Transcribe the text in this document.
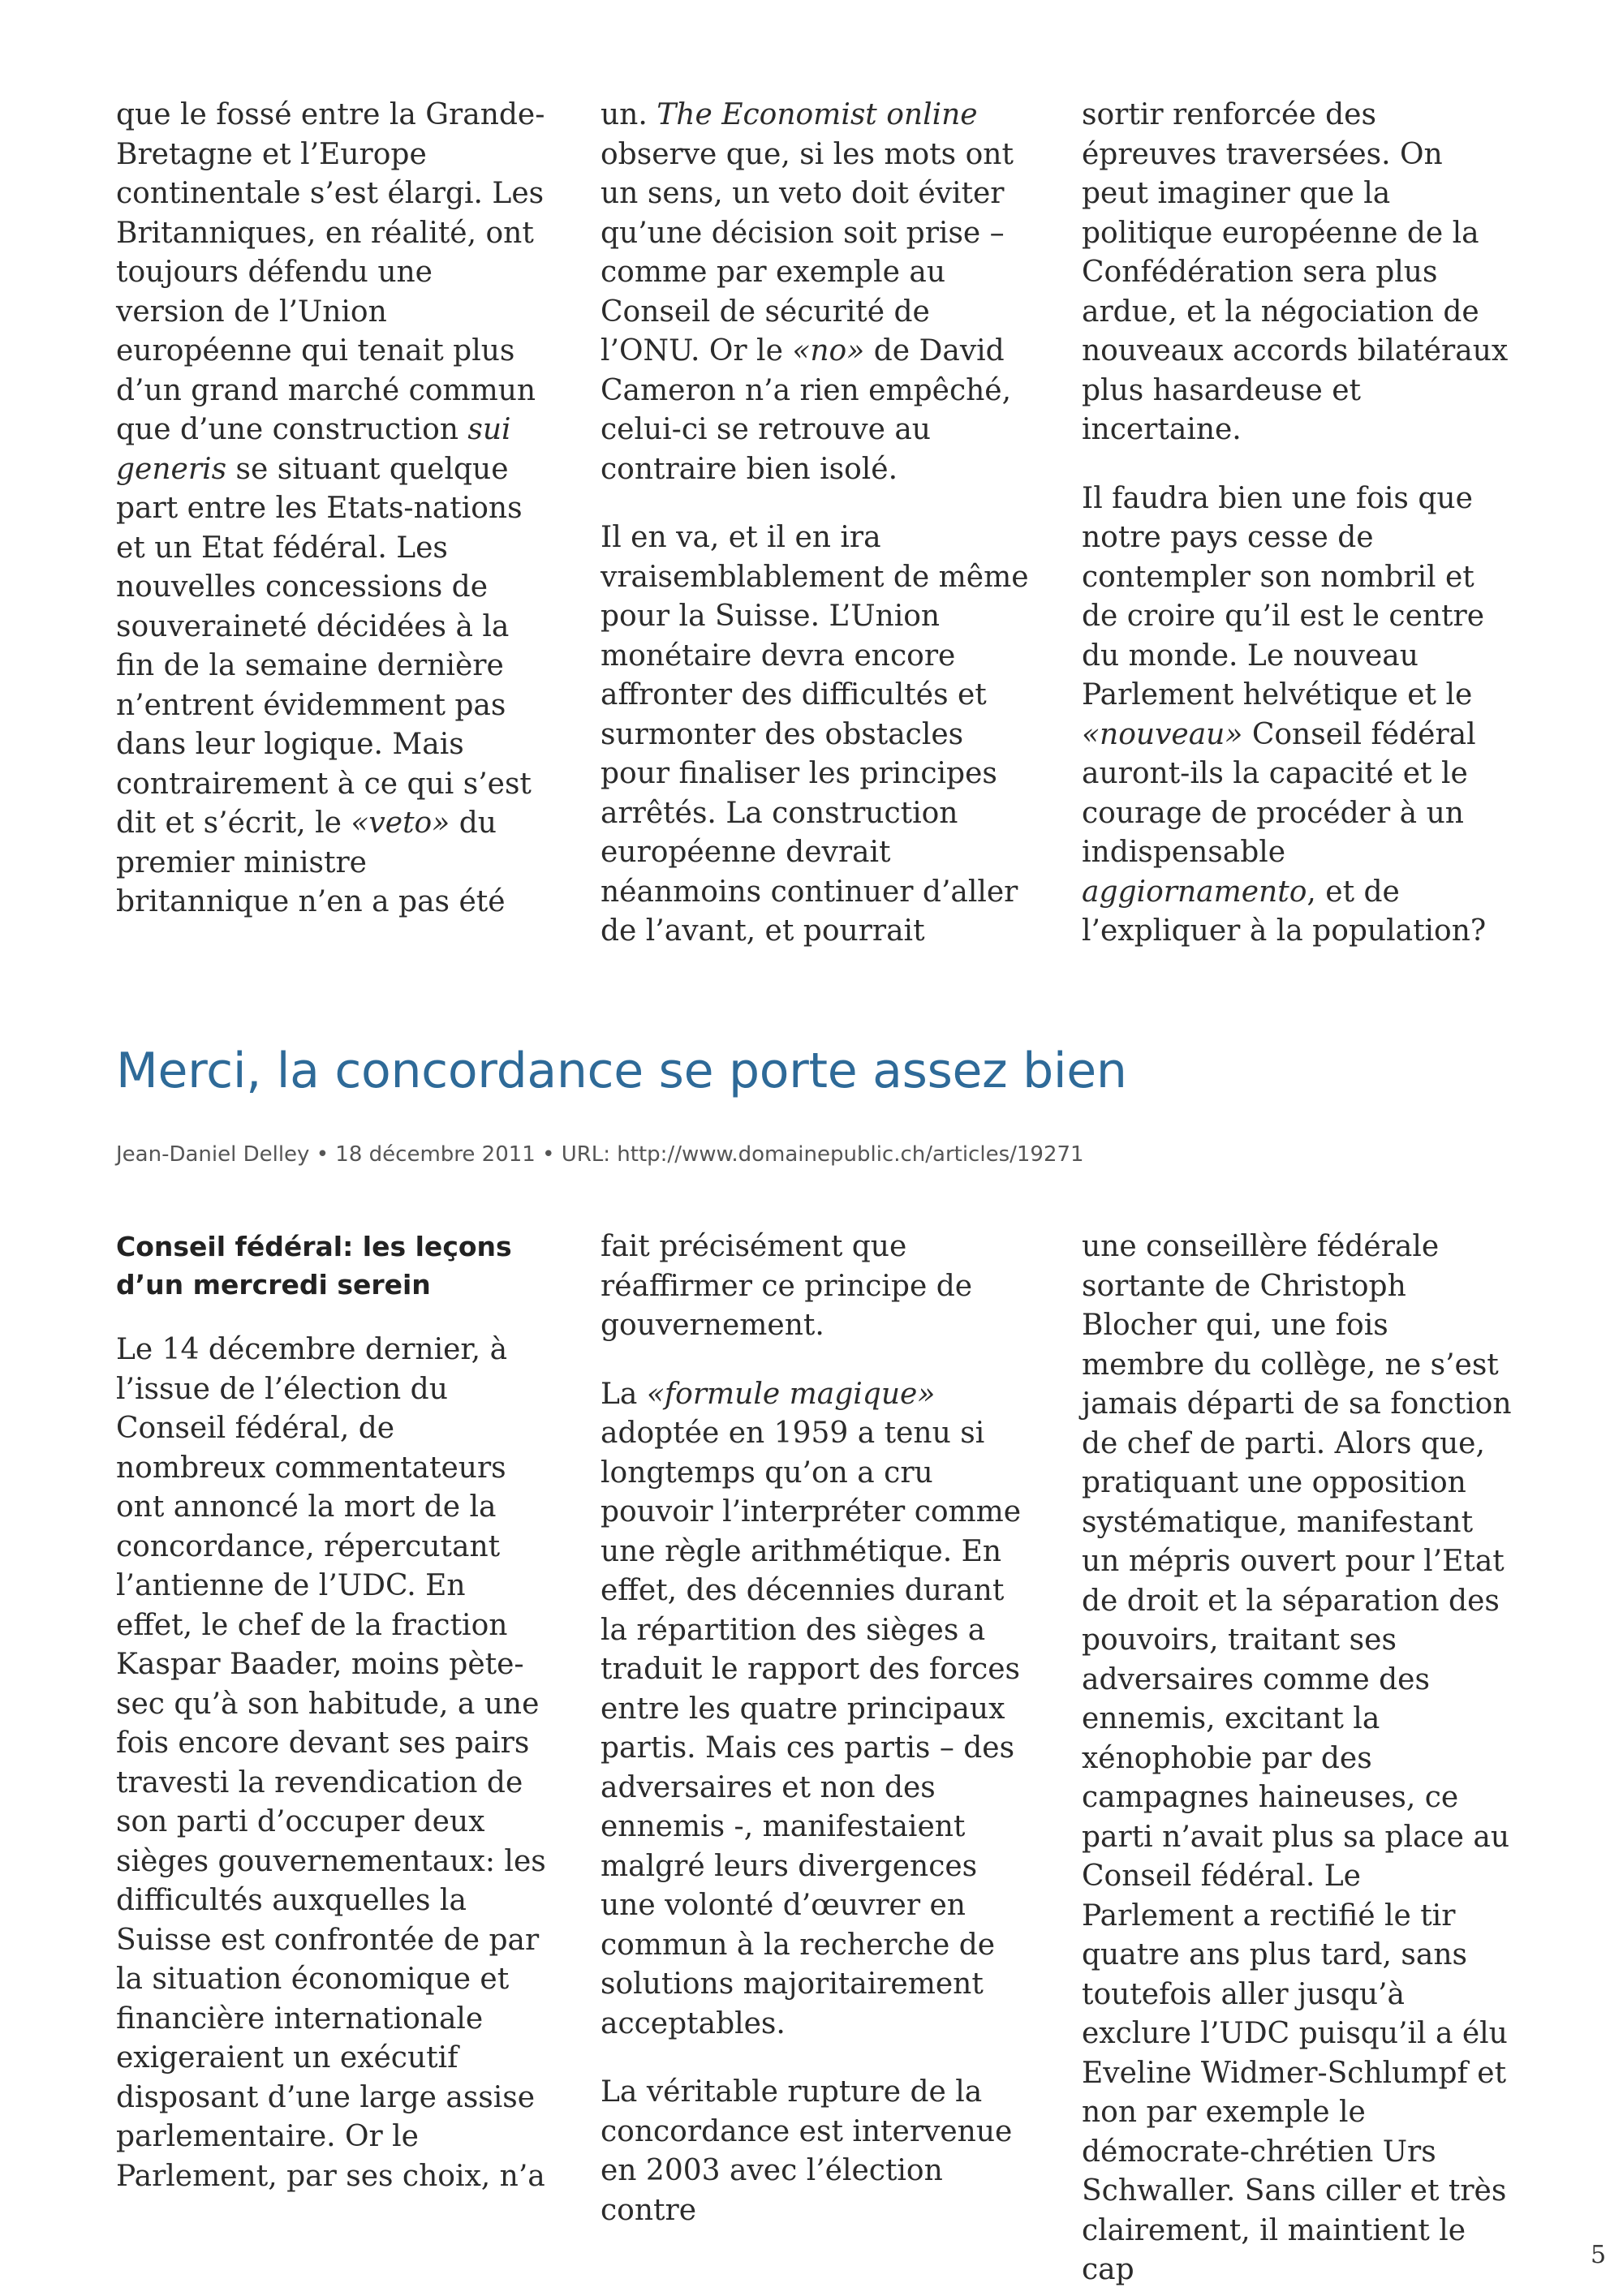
que le fossé entre la Grande-Bretagne et l’Europe continentale s’est élargi. Les Britanniques, en réalité, ont toujours défendu une version de l’Union européenne qui tenait plus d’un grand marché commun que d’une construction sui generis se situant quelque part entre les Etats-nations et un Etat fédéral. Les nouvelles concessions de souveraineté décidées à la fin de la semaine dernière n’entrent évidemment pas dans leur logique. Mais contrairement à ce qui s’est dit et s’écrit, le «veto» du premier ministre britannique n’en a pas été

un. The Economist online observe que, si les mots ont un sens, un veto doit éviter qu’une décision soit prise – comme par exemple au Conseil de sécurité de l’ONU. Or le «no» de David Cameron n’a rien empêché, celui-ci se retrouve au contraire bien isolé.

Il en va, et il en ira vraisemblablement de même pour la Suisse. L’Union monétaire devra encore affronter des difficultés et surmonter des obstacles pour finaliser les principes arrêtés. La construction européenne devrait néanmoins continuer d’aller de l’avant, et pourrait

sortir renforcée des épreuves traversées. On peut imaginer que la politique européenne de la Confédération sera plus ardue, et la négociation de nouveaux accords bilatéraux plus hasardeuse et incertaine.

Il faudra bien une fois que notre pays cesse de contempler son nombril et de croire qu’il est le centre du monde. Le nouveau Parlement helvétique et le «nouveau» Conseil fédéral auront-ils la capacité et le courage de procéder à un indispensable aggiornamento, et de l’expliquer à la population?

Merci, la concordance se porte assez bien
Jean-Daniel Delley • 18 décembre 2011 • URL: http://www.domainepublic.ch/articles/19271
Conseil fédéral: les leçons d’un mercredi serein

Le 14 décembre dernier, à l’issue de l’élection du Conseil fédéral, de nombreux commentateurs ont annoncé la mort de la concordance, répercutant l’antienne de l’UDC. En effet, le chef de la fraction Kaspar Baader, moins pète-sec qu’à son habitude, a une fois encore devant ses pairs travesti la revendication de son parti d’occuper deux sièges gouvernementaux: les difficultés auxquelles la Suisse est confrontée de par la situation économique et financière internationale exigeraient un exécutif disposant d’une large assise parlementaire. Or le Parlement, par ses choix, n’a

fait précisément que réaffirmer ce principe de gouvernement.

La «formule magique» adoptée en 1959 a tenu si longtemps qu’on a cru pouvoir l’interpréter comme une règle arithmétique. En effet, des décennies durant la répartition des sièges a traduit le rapport des forces entre les quatre principaux partis. Mais ces partis – des adversaires et non des ennemis -, manifestaient malgré leurs divergences une volonté d’œuvrer en commun à la recherche de solutions majoritairement acceptables.

La véritable rupture de la concordance est intervenue en 2003 avec l’élection contre

une conseillère fédérale sortante de Christoph Blocher qui, une fois membre du collège, ne s’est jamais départi de sa fonction de chef de parti. Alors que, pratiquant une opposition systématique, manifestant un mépris ouvert pour l’Etat de droit et la séparation des pouvoirs, traitant ses adversaires comme des ennemis, excitant la xénophobie par des campagnes haineuses, ce parti n’avait plus sa place au Conseil fédéral. Le Parlement a rectifié le tir quatre ans plus tard, sans toutefois aller jusqu’à exclure l’UDC puisqu’il a élu Eveline Widmer-Schlumpf et non par exemple le démocrate-chrétien Urs Schwaller. Sans ciller et très clairement, il maintient le cap	5
